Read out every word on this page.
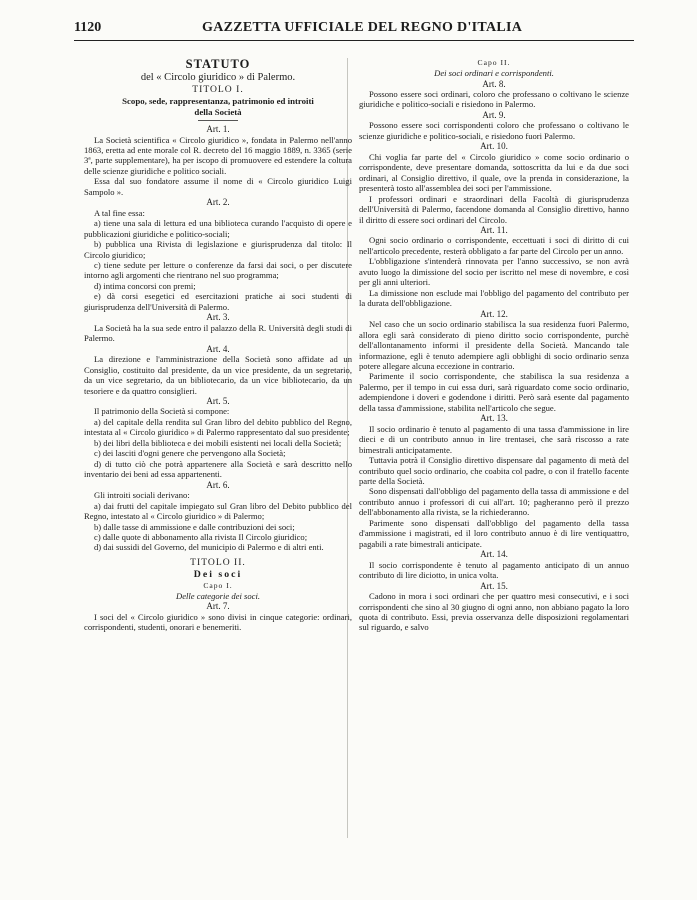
1120	GAZZETTA UFFICIALE DEL REGNO D'ITALIA

STATUTO

del « Circolo giuridico » di Palermo.

TITOLO I.

Scopo, sede, rappresentanza, patrimonio ed introiti

della Società

Art. 1.

La Società scientifica « Circolo giuridico », fondata in Palermo nell'anno 1863, eretta ad ente morale col R. decreto del 16 maggio 1889, n. 3365 (serie 3ª, parte supplementare), ha per iscopo di promuovere ed estendere la coltura delle scienze giuridiche e politico sociali.

Essa dal suo fondatore assume il nome di « Circolo giuridico Luigi Sampolo ».

Art. 2.

A tal fine essa:

a) tiene una sala di lettura ed una biblioteca curando l'acquisto di opere e pubblicazioni giuridiche e politico-sociali;

b) pubblica una Rivista di legislazione e giurisprudenza dal titolo: Il Circolo giuridico;

c) tiene sedute per letture o conferenze da farsi dai soci, o per discutere intorno agli argomenti che rientrano nel suo programma;

d) intima concorsi con premi;

e) dà corsi esegetici ed esercitazioni pratiche ai soci studenti di giurisprudenza dell'Università di Palermo.

Art. 3.

La Società ha la sua sede entro il palazzo della R. Università degli studi di Palermo.

Art. 4.

La direzione e l'amministrazione della Società sono affidate ad un Consiglio, costituito dal presidente, da un vice presidente, da un segretario, da un vice segretario, da un bibliotecario, da un vice bibliotecario, da un tesoriere e da quattro consiglieri.

Art. 5.

Il patrimonio della Società si compone:

a) del capitale della rendita sul Gran libro del debito pubblico del Regno, intestata al « Circolo giuridico » di Palermo rappresentato dal suo presidente;

b) dei libri della biblioteca e dei mobili esistenti nei locali della Società;

c) dei lasciti d'ogni genere che pervengono alla Società;

d) di tutto ciò che potrà appartenere alla Società e sarà descritto nello inventario dei beni ad essa appartenenti.

Art. 6.

Gli introiti sociali derivano:

a) dai frutti del capitale impiegato sul Gran libro del Debito pubblico del Regno, intestato al « Circolo giuridico » di Palermo;

b) dalle tasse di ammissione e dalle contribuzioni dei soci;

c) dalle quote di abbonamento alla rivista Il Circolo giuridico;

d) dai sussidi del Governo, del municipio di Palermo e di altri enti.

TITOLO II.

Dei soci

Capo I.

Delle categorie dei soci.

Art. 7.

I soci del « Circolo giuridico » sono divisi in cinque categorie: ordinari, corrispondenti, studenti, onorari e benemeriti.

Capo II.

Dei soci ordinari e corrispondenti.

Art. 8.

Possono essere soci ordinari, coloro che professano o coltivano le scienze giuridiche e politico-sociali e risiedono in Palermo.

Art. 9.

Possono essere soci corrispondenti coloro che professano o coltivano le scienze giuridiche e politico-sociali, e risiedono fuori Palermo.

Art. 10.

Chi voglia far parte del « Circolo giuridico » come socio ordinario o corrispondente, deve presentare domanda, sottoscritta da lui e da due soci ordinari, al Consiglio direttivo, il quale, ove la prenda in considerazione, la presenterà tosto all'assemblea dei soci per l'ammissione.

I professori ordinari e straordinari della Facoltà di giurisprudenza dell'Università di Palermo, facendone domanda al Consiglio direttivo, hanno il diritto di essere soci ordinari del Circolo.

Art. 11.

Ogni socio ordinario o corrispondente, eccettuati i soci di diritto di cui nell'articolo precedente, resterà obbligato a far parte del Circolo per un anno.

L'obbligazione s'intenderà rinnovata per l'anno successivo, se non avrà avuto luogo la dimissione del socio per iscritto nel mese di novembre, e così per gli anni ulteriori.

La dimissione non esclude mai l'obbligo del pagamento del contributo per la durata dell'obbligazione.

Art. 12.

Nel caso che un socio ordinario stabilisca la sua residenza fuori Palermo, allora egli sarà considerato di pieno diritto socio corrispondente, purchè dell'allontanamento informi il presidente della Società. Mancando tale informazione, egli è tenuto adempiere agli obblighi di socio ordinario senza potere allegare alcuna eccezione in contrario.

Parimente il socio corrispondente, che stabilisca la sua residenza a Palermo, per il tempo in cui essa duri, sarà riguardato come socio ordinario, adempiendone i doveri e godendone i diritti. Però sarà esente dal pagamento della tassa d'ammissione, stabilita nell'articolo che segue.

Art. 13.

Il socio ordinario è tenuto al pagamento di una tassa d'ammissione in lire dieci e di un contributo annuo in lire trentasei, che sarà riscosso a rate bimestrali anticipatamente.

Tuttavia potrà il Consiglio direttivo dispensare dal pagamento di metà del contributo quel socio ordinario, che coabita col padre, o con il fratello facente parte della Società.

Sono dispensati dall'obbligo del pagamento della tassa di ammissione e del contributo annuo i professori di cui all'art. 10; pagheranno però il prezzo dell'abbonamento alla rivista, se la richiederanno.

Parimente sono dispensati dall'obbligo del pagamento della tassa d'ammissione i magistrati, ed il loro contributo annuo è di lire ventiquattro, pagabili a rate bimestrali anticipate.

Art. 14.

Il socio corrispondente è tenuto al pagamento anticipato di un annuo contributo di lire diciotto, in unica volta.

Art. 15.

Cadono in mora i soci ordinari che per quattro mesi consecutivi, e i soci corrispondenti che sino al 30 giugno di ogni anno, non abbiano pagato la loro quota di contributo. Essi, previa osservanza delle disposizioni regolamentari sul riguardo, e salvo
